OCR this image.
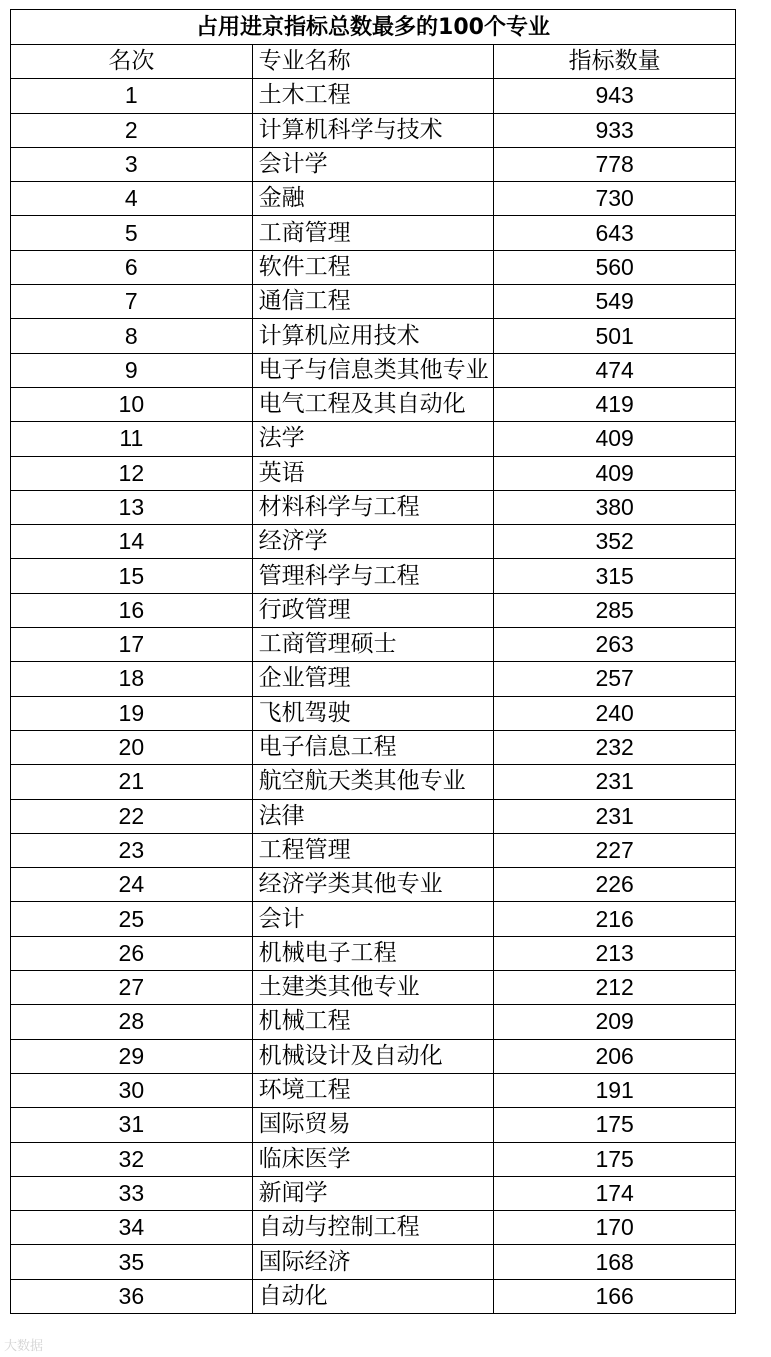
占用进京指标总数最多的100个专业		
名次	专业名称	指标数量
1	土木工程	943
2	计算机科学与技术	933
3	会计学	778
4	金融	730
5	工商管理	643
6	软件工程	560
7	通信工程	549
8	计算机应用技术	501
9	电子与信息类其他专业	474
10	电气工程及其自动化	419
11	法学	409
12	英语	409
13	材料科学与工程	380
14	经济学	352
15	管理科学与工程	315
16	行政管理	285
17	工商管理硕士	263
18	企业管理	257
19	飞机驾驶	240
20	电子信息工程	232
21	航空航天类其他专业	231
22	法律	231
23	工程管理	227
24	经济学类其他专业	226
25	会计	216
26	机械电子工程	213
27	土建类其他专业	212
28	机械工程	209
29	机械设计及自动化	206
30	环境工程	191
31	国际贸易	175
32	临床医学	175
33	新闻学	174
34	自动与控制工程	170
35	国际经济	168
36	自动化	166
大数据
